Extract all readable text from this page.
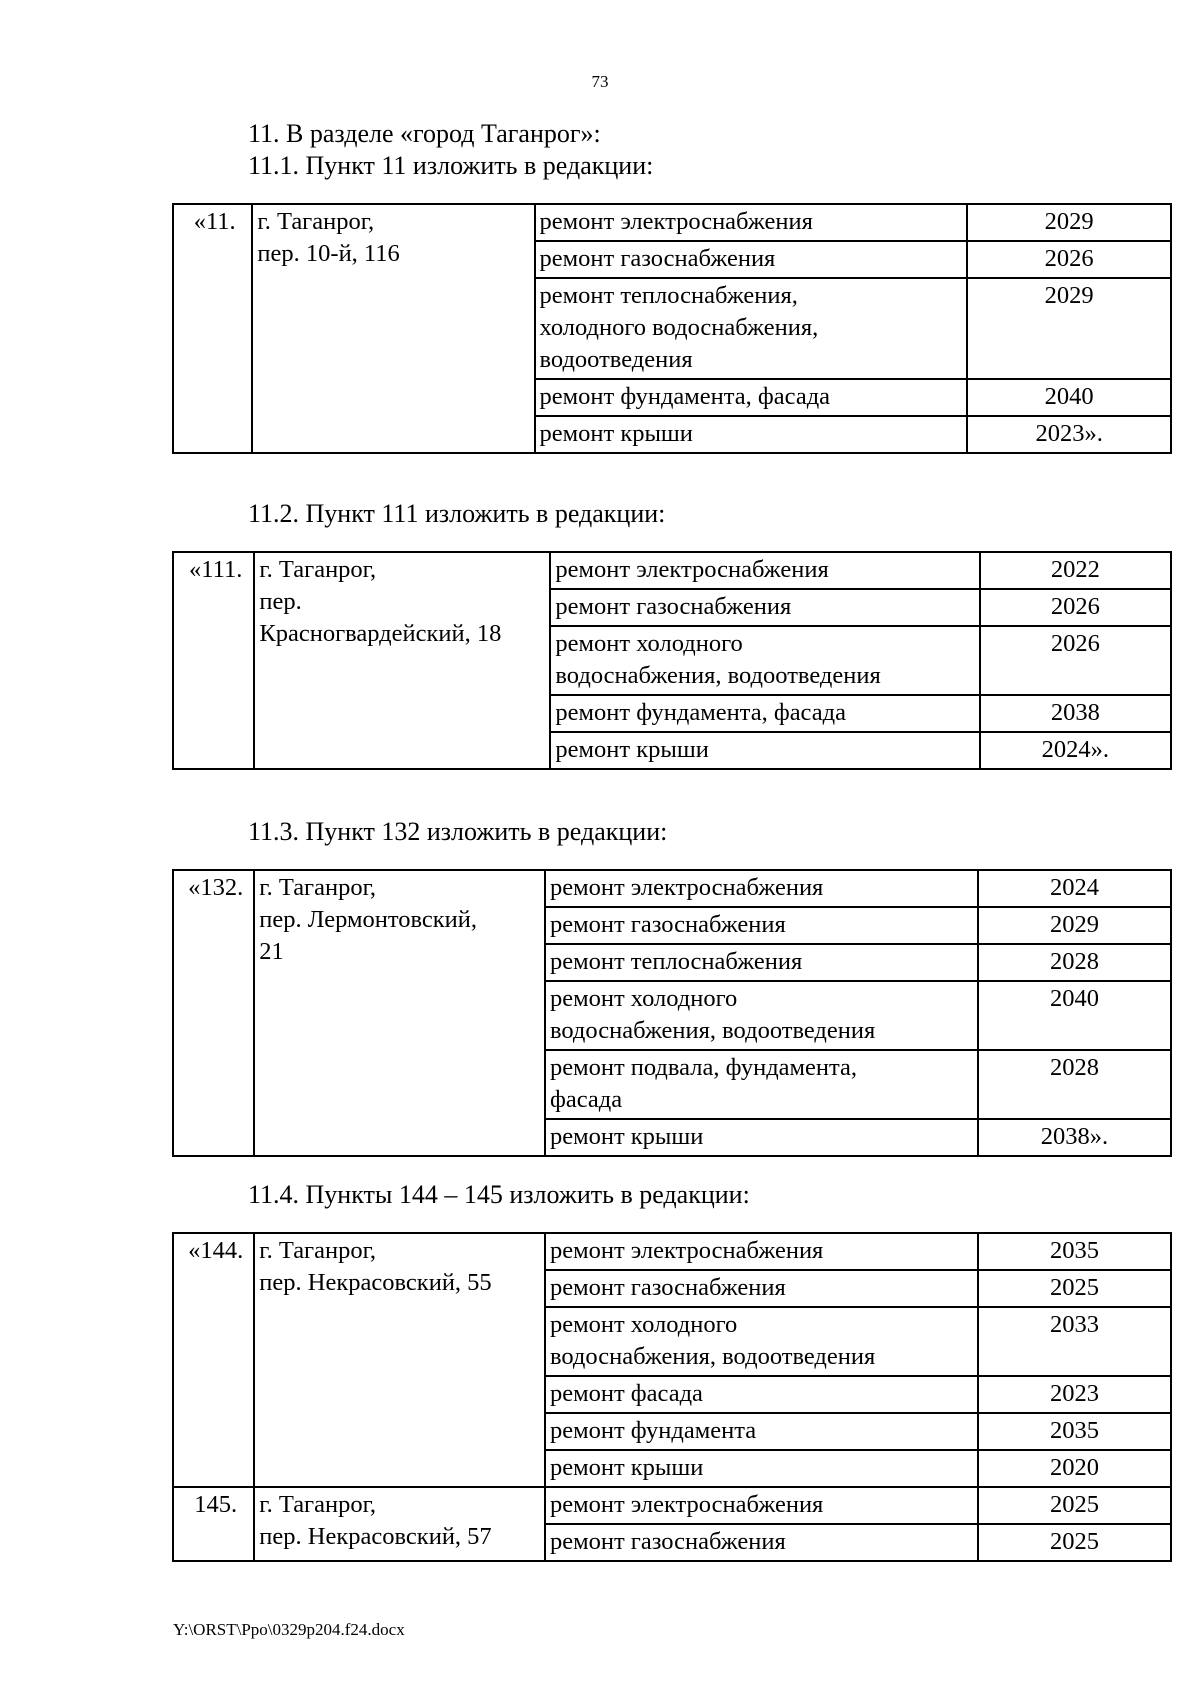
73
11. В разделе «город Таганрог»:
11.1. Пункт 11 изложить в редакции:
«11.	г. Таганрог,
пер. 10-й, 116	ремонт электроснабжения	2029

		ремонт газоснабжения	2026

		ремонт теплоснабжения,
холодного водоснабжения,
водоотведения	2029

		ремонт фундамента, фасада	2040

		ремонт крыши	2023».
11.2. Пункт 111 изложить в редакции:
«111.	г. Таганрог,
пер.
Красногвардейский, 18	ремонт электроснабжения	2022

		ремонт газоснабжения	2026

		ремонт холодного
водоснабжения, водоотведения	2026

		ремонт фундамента, фасада	2038

		ремонт крыши	2024».
11.3. Пункт 132 изложить в редакции:
«132.	г. Таганрог,
пер. Лермонтовский,
21	ремонт электроснабжения	2024

		ремонт газоснабжения	2029

		ремонт теплоснабжения	2028

		ремонт холодного
водоснабжения, водоотведения	2040

		ремонт подвала, фундамента,
фасада	2028

		ремонт крыши	2038».
11.4. Пункты 144 – 145 изложить в редакции:
«144.	г. Таганрог,
пер. Некрасовский, 55	ремонт электроснабжения	2035

		ремонт газоснабжения	2025

		ремонт холодного
водоснабжения, водоотведения	2033

		ремонт фасада	2023

		ремонт фундамента	2035

		ремонт крыши	2020
145.	г. Таганрог,
пер. Некрасовский, 57	ремонт электроснабжения	2025

		ремонт газоснабжения	2025
Y:\ORST\Ppo\0329p204.f24.docx
